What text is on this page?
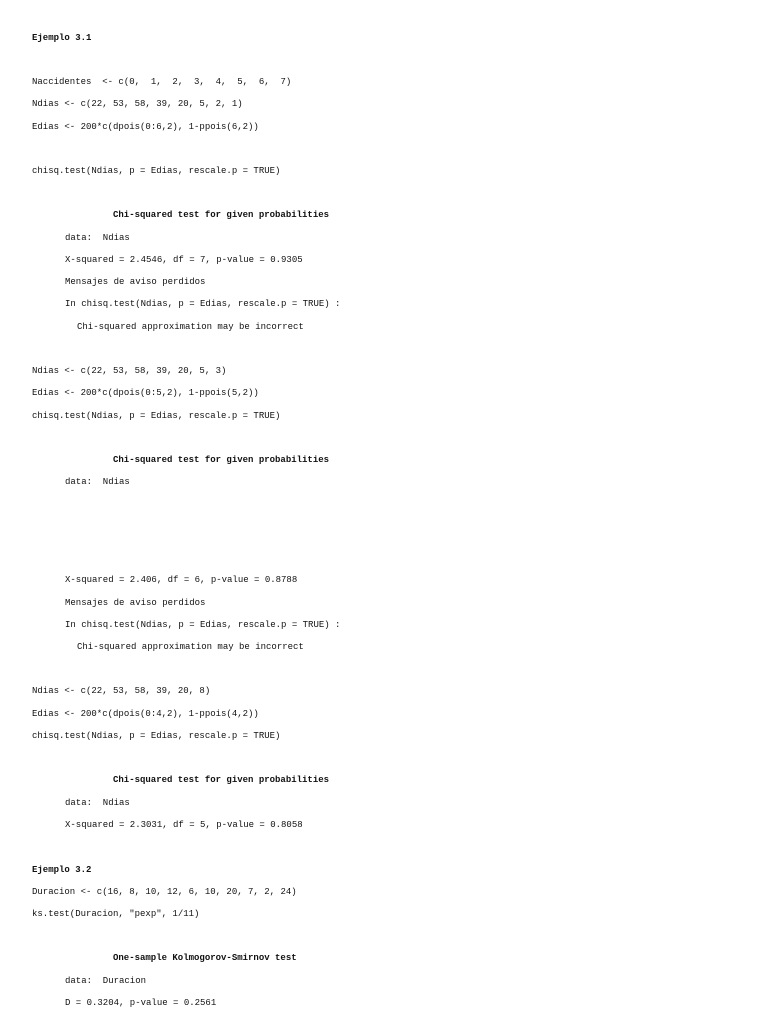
Ejemplo 3.1
Naccidentes  <- c(0,  1,  2,  3,  4,  5,  6,  7)
Ndias <- c(22, 53, 58, 39, 20, 5, 2, 1)
Edias <- 200*c(dpois(0:6,2), 1-ppois(6,2))
chisq.test(Ndias, p = Edias, rescale.p = TRUE)
Chi-squared test for given probabilities
data:  Ndias
X-squared = 2.4546, df = 7, p-value = 0.9305
Mensajes de aviso perdidos
In chisq.test(Ndias, p = Edias, rescale.p = TRUE) :
Chi-squared approximation may be incorrect
Ndias <- c(22, 53, 58, 39, 20, 5, 3)
Edias <- 200*c(dpois(0:5,2), 1-ppois(5,2))
chisq.test(Ndias, p = Edias, rescale.p = TRUE)
Chi-squared test for given probabilities
data:  Ndias
X-squared = 2.406, df = 6, p-value = 0.8788
Mensajes de aviso perdidos
In chisq.test(Ndias, p = Edias, rescale.p = TRUE) :
Chi-squared approximation may be incorrect
Ndias <- c(22, 53, 58, 39, 20, 8)
Edias <- 200*c(dpois(0:4,2), 1-ppois(4,2))
chisq.test(Ndias, p = Edias, rescale.p = TRUE)
Chi-squared test for given probabilities
data:  Ndias
X-squared = 2.3031, df = 5, p-value = 0.8058
Ejemplo 3.2
Duracion <- c(16, 8, 10, 12, 6, 10, 20, 7, 2, 24)
ks.test(Duracion, "pexp", 1/11)
One-sample Kolmogorov-Smirnov test
data:  Duracion
D = 0.3204, p-value = 0.2561
